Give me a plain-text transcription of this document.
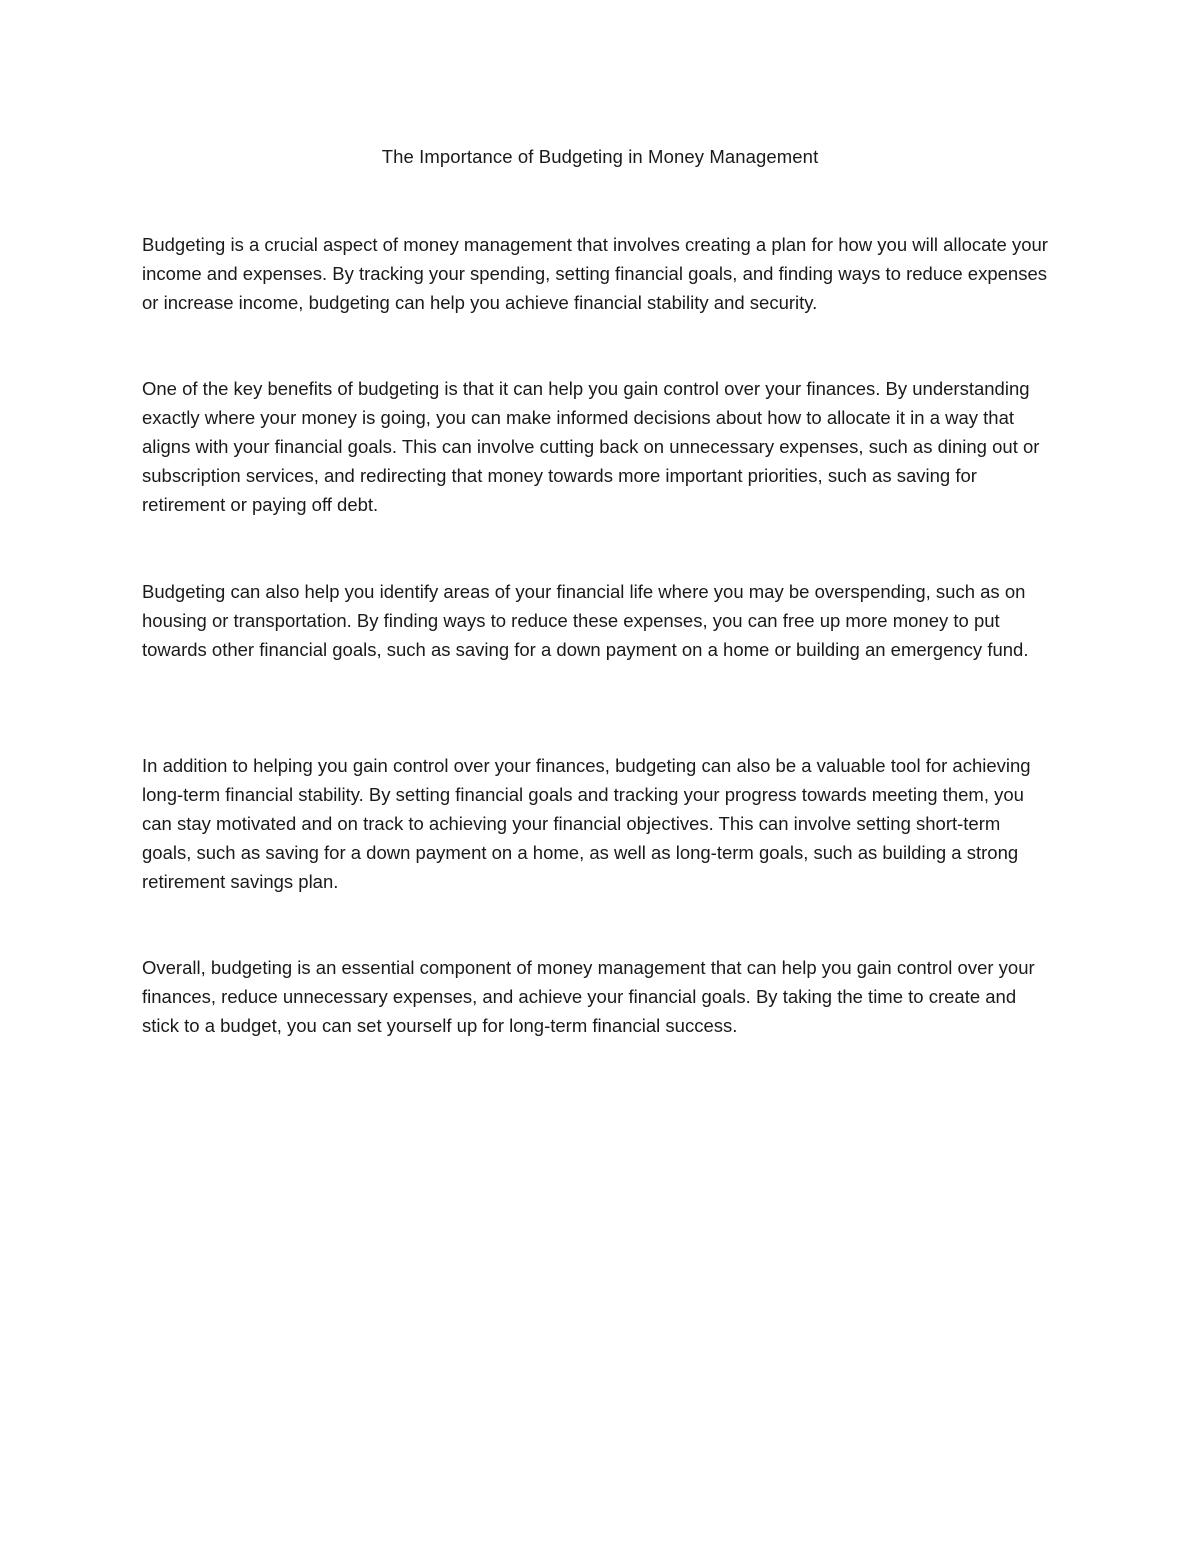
The Importance of Budgeting in Money Management

Budgeting is a crucial aspect of money management that involves creating a plan for how you will allocate your income and expenses. By tracking your spending, setting financial goals, and finding ways to reduce expenses or increase income, budgeting can help you achieve financial stability and security.

One of the key benefits of budgeting is that it can help you gain control over your finances. By understanding exactly where your money is going, you can make informed decisions about how to allocate it in a way that aligns with your financial goals. This can involve cutting back on unnecessary expenses, such as dining out or subscription services, and redirecting that money towards more important priorities, such as saving for retirement or paying off debt.

Budgeting can also help you identify areas of your financial life where you may be overspending, such as on housing or transportation. By finding ways to reduce these expenses, you can free up more money to put towards other financial goals, such as saving for a down payment on a home or building an emergency fund.

In addition to helping you gain control over your finances, budgeting can also be a valuable tool for achieving long-term financial stability. By setting financial goals and tracking your progress towards meeting them, you can stay motivated and on track to achieving your financial objectives. This can involve setting short-term goals, such as saving for a down payment on a home, as well as long-term goals, such as building a strong retirement savings plan.

Overall, budgeting is an essential component of money management that can help you gain control over your finances, reduce unnecessary expenses, and achieve your financial goals. By taking the time to create and stick to a budget, you can set yourself up for long-term financial success.
